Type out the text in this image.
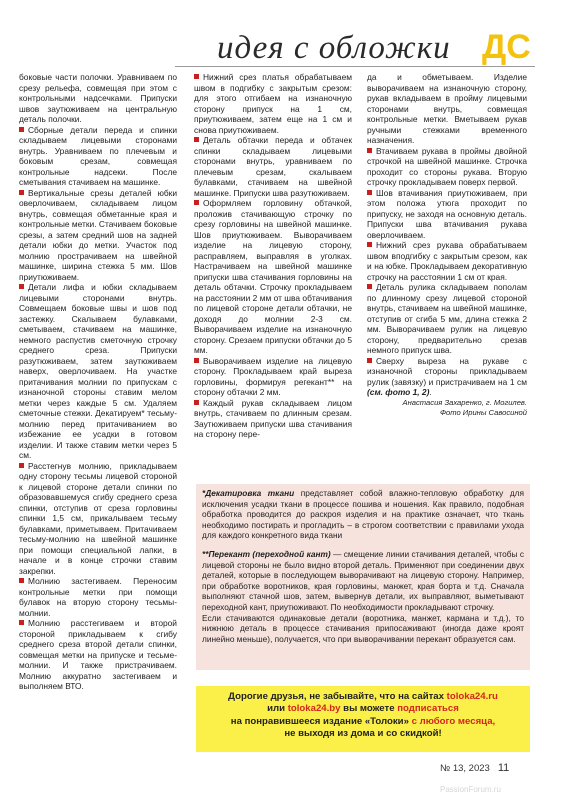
идея с обложки ДС

боковые части полочки. Уравниваем по срезу рельефа, совмещая при этом с контрольными надсечками. Припуски швов заутюживаем на центральную деталь полочки.

Сборные детали переда и спинки складываем лицевыми сторонами внутрь. Уравниваем по плечевым и боковым срезам, совмещая контрольные надсеки. После сметывания стачиваем на машинке.

Вертикальные срезы деталей юбки оверлочиваем, складываем лицом внутрь, совмещая обметанные края и контрольные метки. Стачиваем боковые срезы, а затем средний шов на задней детали юбки до метки. Участок под молнию прострачиваем на швейной машинке, ширина стежка 5 мм. Шов приутюживаем.

Детали лифа и юбки складываем лицевыми сторонами внутрь. Совмещаем боковые швы и шов под застежку. Скалываем булавками, сметываем, стачиваем на машинке, немного распустив сметочную строчку среднего среза. Припуски разутюживаем, затем заутюживаем наверх, оверлочиваем. На участке притачивания молнии по припускам с изнаночной стороны ставим мелом метки через каждые 5 см. Удаляем сметочные стежки. Декатируем* тесьму-молнию перед притачиванием во избежание ее усадки в готовом изделии. И также ставим метки через 5 см.

Расстегнув молнию, прикладываем одну сторону тесьмы лицевой стороной к лицевой стороне детали спинки по образовавшемуся сгибу среднего среза спинки, отступив от среза горловины спинки 1,5 см, прикалываем тесьму булавками, приметываем. Притачиваем тесьму-молнию на швейной машинке при помощи специальной лапки, в начале и в конце строчки ставим закрепки.

Молнию застегиваем. Переносим контрольные метки при помощи булавок на вторую сторону тесьмы-молнии.

Молнию расстегиваем и второй стороной прикладываем к сгибу среднего среза второй детали спинки, совмещая метки на припуске и тесьме-молнии. И также пристрачиваем. Молнию аккуратно застегиваем и выполняем ВТО.

Нижний срез платья обрабатываем швом в подгибку с закрытым срезом: для этого отгибаем на изнаночную сторону припуск на 1 см, приутюживаем, затем еще на 1 см и снова приутюживаем.

Деталь обтачки переда и обтачек спинки складываем лицевыми сторонами внутрь, уравниваем по плечевым срезам, скалываем булавками, стачиваем на швейной машинке. Припуски шва разутюживаем.

Оформляем горловину обтачкой, проложив стачивающую строчку по срезу горловины на швейной машинке. Шов приутюживаем. Выворачиваем изделие на лицевую сторону, расправляем, выправляя в уголках. Настрачиваем на швейной машинке припуски шва стачивания горловины на деталь обтачки. Строчку прокладываем на расстоянии 2 мм от шва обтачивания по лицевой стороне детали обтачки, не доходя до молнии 2-3 см. Выворачиваем изделие на изнаночную сторону. Срезаем припуски обтачки до 5 мм.

Выворачиваем изделие на лицевую сторону. Прокладываем край выреза горловины, формируя регекант** на сторону обтачки 2 мм.

Каждый рукав складываем лицом внутрь, стачиваем по длинным срезам. Заутюживаем припуски шва стачивания на сторону пере-

да и обметываем. Изделие выворачиваем на изнаночную сторону, рукав вкладываем в пройму лицевыми сторонами внутрь, совмещая контрольные метки. Вметываем рукав ручными стежками временного назначения.

Втачиваем рукава в проймы двойной строчкой на швейной машинке. Строчка проходит со стороны рукава. Вторую строчку прокладываем поверх первой.

Шов втачивания приутюживаем, при этом положа утюга проходит по припуску, не заходя на основную деталь. Припуски шва втачивания рукава оверлочиваем.

Нижний срез рукава обрабатываем швом вподгибку с закрытым срезом, как и на юбке. Прокладываем декоративную строчку на расстоянии 1 см от края.

Деталь рулика складываем пополам по длинному срезу лицевой стороной внутрь, стачиваем на швейной машинке, отступив от сгиба 5 мм, длина стежка 2 мм. Выворачиваем рулик на лицевую сторону, предварительно срезав немного припуск шва.

Сверху выреза на рукаве с изнаночной стороны прикладываем рулик (завязку) и пристрачиваем на 1 см (см. фото 1, 2).

Анастасия Захаренко, г. Могилев.

Фото Ирины Савосиной

*Декатировка ткани представляет собой влажно-тепловую обработку для исключения усадки ткани в процессе пошива и ношения. Как правило, подобная обработка проводится до раскроя изделия и на практике означает, что ткань необходимо постирать и прогладить – в строгом соответствии с правилами ухода для каждого конкретного вида ткани

**Перекант (переходной кант) — смещение линии стачивания деталей, чтобы с лицевой стороны не было видно второй деталь. Применяют при соединении двух деталей, которые в последующем выворачивают на лицевую сторону. Например, при обработке воротников, края горловины, манжет, края борта и т.д. Сначала выполняют стачной шов, затем, вывернув детали, их выправляют, выметывают переходной кант, приутюживают. По необходимости прокладывают строчку.

Если стачиваются одинаковые детали (воротника, манжет, кармана и т.д.), то нижнюю деталь в процессе стачивания припосаживают (иногда даже кроят линейно меньше), получается, что при выворачивании перекант образуется сам.

Дорогие друзья, не забывайте, что на сайтах toloka24.ru
или toloka24.by вы можете подписаться
на понравившееся издание «Толоки» с любого месяца,
не выходя из дома и со скидкой!
№ 13, 2023 11
PassionForum.ru
